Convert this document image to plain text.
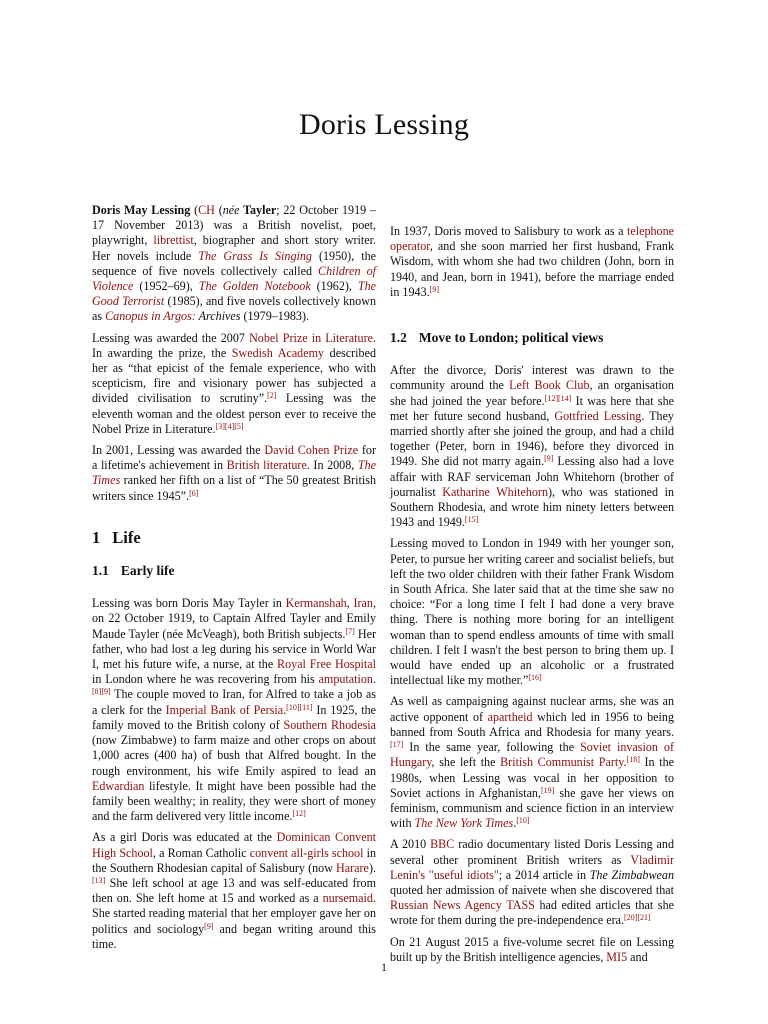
Doris Lessing

Doris May Lessing (CH (née Tayler; 22 October 1919 – 17 November 2013) was a British novelist, poet, playwright, librettist, biographer and short story writer. Her novels include The Grass Is Singing (1950), the sequence of five novels collectively called Children of Violence (1952–69), The Golden Notebook (1962), The Good Terrorist (1985), and five novels collectively known as Canopus in Argos: Archives (1979–1983).

Lessing was awarded the 2007 Nobel Prize in Literature. In awarding the prize, the Swedish Academy described her as “that epicist of the female experience, who with scepticism, fire and visionary power has subjected a divided civilisation to scrutiny”.[2] Lessing was the eleventh woman and the oldest person ever to receive the Nobel Prize in Literature.[3][4][5]

In 2001, Lessing was awarded the David Cohen Prize for a lifetime's achievement in British literature. In 2008, The Times ranked her fifth on a list of “The 50 greatest British writers since 1945”.[6]

1 Life
1.1 Early life

Lessing was born Doris May Tayler in Kermanshah, Iran, on 22 October 1919, to Captain Alfred Tayler and Emily Maude Tayler (née McVeagh), both British subjects.[7] Her father, who had lost a leg during his service in World War I, met his future wife, a nurse, at the Royal Free Hospital in London where he was recovering from his amputation.[8][9] The couple moved to Iran, for Alfred to take a job as a clerk for the Imperial Bank of Persia.[10][11] In 1925, the family moved to the British colony of Southern Rhodesia (now Zimbabwe) to farm maize and other crops on about 1,000 acres (400 ha) of bush that Alfred bought. In the rough environment, his wife Emily aspired to lead an Edwardian lifestyle. It might have been possible had the family been wealthy; in reality, they were short of money and the farm delivered very little income.[12]

As a girl Doris was educated at the Dominican Convent High School, a Roman Catholic convent all-girls school in the Southern Rhodesian capital of Salisbury (now Harare).[13] She left school at age 13 and was self-educated from then on. She left home at 15 and worked as a nursemaid. She started reading material that her employer gave her on politics and sociology[9] and began writing around this time.

In 1937, Doris moved to Salisbury to work as a telephone operator, and she soon married her first husband, Frank Wisdom, with whom she had two children (John, born in 1940, and Jean, born in 1941), before the marriage ended in 1943.[9]

1.2 Move to London; political views

After the divorce, Doris' interest was drawn to the community around the Left Book Club, an organisation she had joined the year before.[12][14] It was here that she met her future second husband, Gottfried Lessing. They married shortly after she joined the group, and had a child together (Peter, born in 1946), before they divorced in 1949. She did not marry again.[9] Lessing also had a love affair with RAF serviceman John Whitehorn (brother of journalist Katharine Whitehorn), who was stationed in Southern Rhodesia, and wrote him ninety letters between 1943 and 1949.[15]

Lessing moved to London in 1949 with her younger son, Peter, to pursue her writing career and socialist beliefs, but left the two older children with their father Frank Wisdom in South Africa. She later said that at the time she saw no choice: “For a long time I felt I had done a very brave thing. There is nothing more boring for an intelligent woman than to spend endless amounts of time with small children. I felt I wasn't the best person to bring them up. I would have ended up an alcoholic or a frustrated intellectual like my mother.”[16]

As well as campaigning against nuclear arms, she was an active opponent of apartheid which led in 1956 to being banned from South Africa and Rhodesia for many years.[17] In the same year, following the Soviet invasion of Hungary, she left the British Communist Party.[18] In the 1980s, when Lessing was vocal in her opposition to Soviet actions in Afghanistan,[19] she gave her views on feminism, communism and science fiction in an interview with The New York Times.[10]

A 2010 BBC radio documentary listed Doris Lessing and several other prominent British writers as Vladimir Lenin's "useful idiots"; a 2014 article in The Zimbabwean quoted her admission of naivete when she discovered that Russian News Agency TASS had edited articles that she wrote for them during the pre-independence era.[20][21]

On 21 August 2015 a five-volume secret file on Lessing built up by the British intelligence agencies, MI5 and

1
